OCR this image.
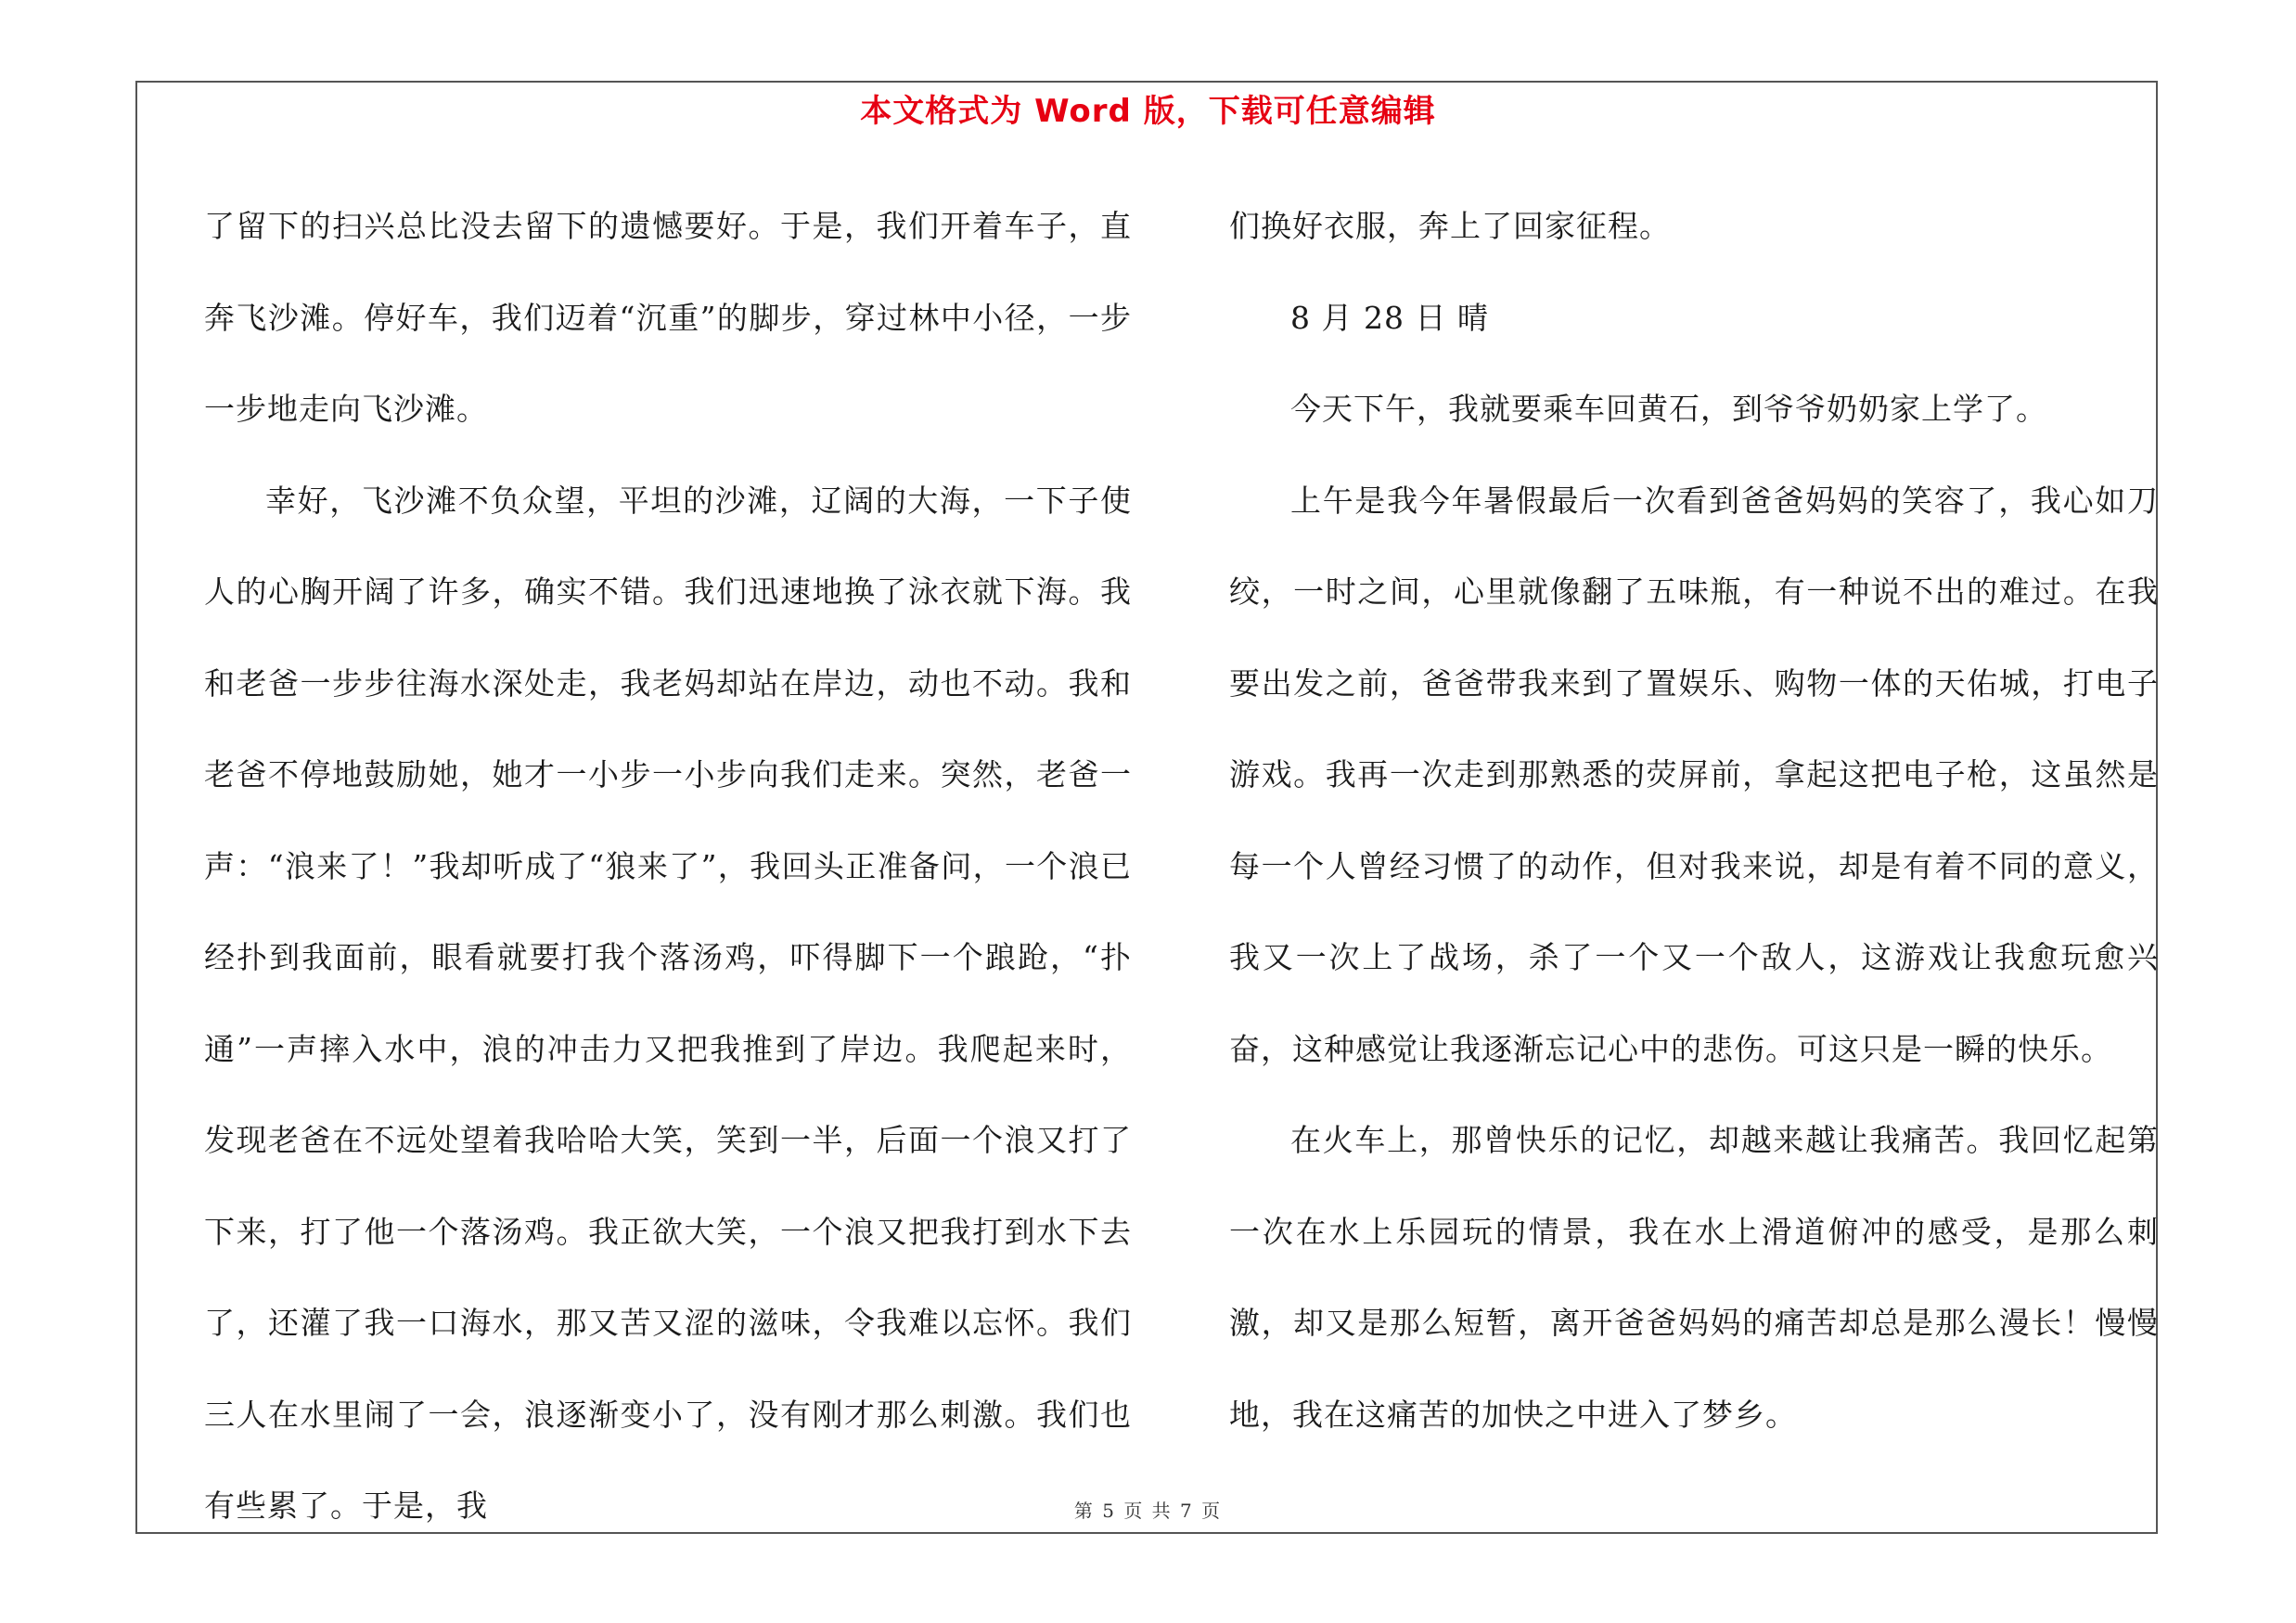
本文格式为 Word 版，下载可任意编辑

了留下的扫兴总比没去留下的遗憾要好。于是，我们开着车子，直奔飞沙滩。停好车，我们迈着“沉重”的脚步，穿过林中小径，一步一步地走向飞沙滩。

幸好，飞沙滩不负众望，平坦的沙滩，辽阔的大海，一下子使人的心胸开阔了许多，确实不错。我们迅速地换了泳衣就下海。我和老爸一步步往海水深处走，我老妈却站在岸边，动也不动。我和老爸不停地鼓励她，她才一小步一小步向我们走来。突然，老爸一声：“浪来了！”我却听成了“狼来了”，我回头正准备问，一个浪已经扑到我面前，眼看就要打我个落汤鸡，吓得脚下一个踉跄，“扑通”一声摔入水中，浪的冲击力又把我推到了岸边。我爬起来时，发现老爸在不远处望着我哈哈大笑，笑到一半，后面一个浪又打了下来，打了他一个落汤鸡。我正欲大笑，一个浪又把我打到水下去了，还灌了我一口海水，那又苦又涩的滋味，令我难以忘怀。我们三人在水里闹了一会，浪逐渐变小了，没有刚才那么刺激。我们也有些累了。于是，我

们换好衣服，奔上了回家征程。

8 月 28 日 晴

今天下午，我就要乘车回黄石，到爷爷奶奶家上学了。

上午是我今年暑假最后一次看到爸爸妈妈的笑容了，我心如刀绞，一时之间，心里就像翻了五味瓶，有一种说不出的难过。在我要出发之前，爸爸带我来到了置娱乐、购物一体的天佑城，打电子游戏。我再一次走到那熟悉的荧屏前，拿起这把电子枪，这虽然是每一个人曾经习惯了的动作，但对我来说，却是有着不同的意义，我又一次上了战场，杀了一个又一个敌人，这游戏让我愈玩愈兴奋，这种感觉让我逐渐忘记心中的悲伤。可这只是一瞬的快乐。

在火车上，那曾快乐的记忆，却越来越让我痛苦。我回忆起第一次在水上乐园玩的情景，我在水上滑道俯冲的感受，是那么刺激，却又是那么短暂，离开爸爸妈妈的痛苦却总是那么漫长！慢慢地，我在这痛苦的加快之中进入了梦乡。

第 5 页 共 7 页
